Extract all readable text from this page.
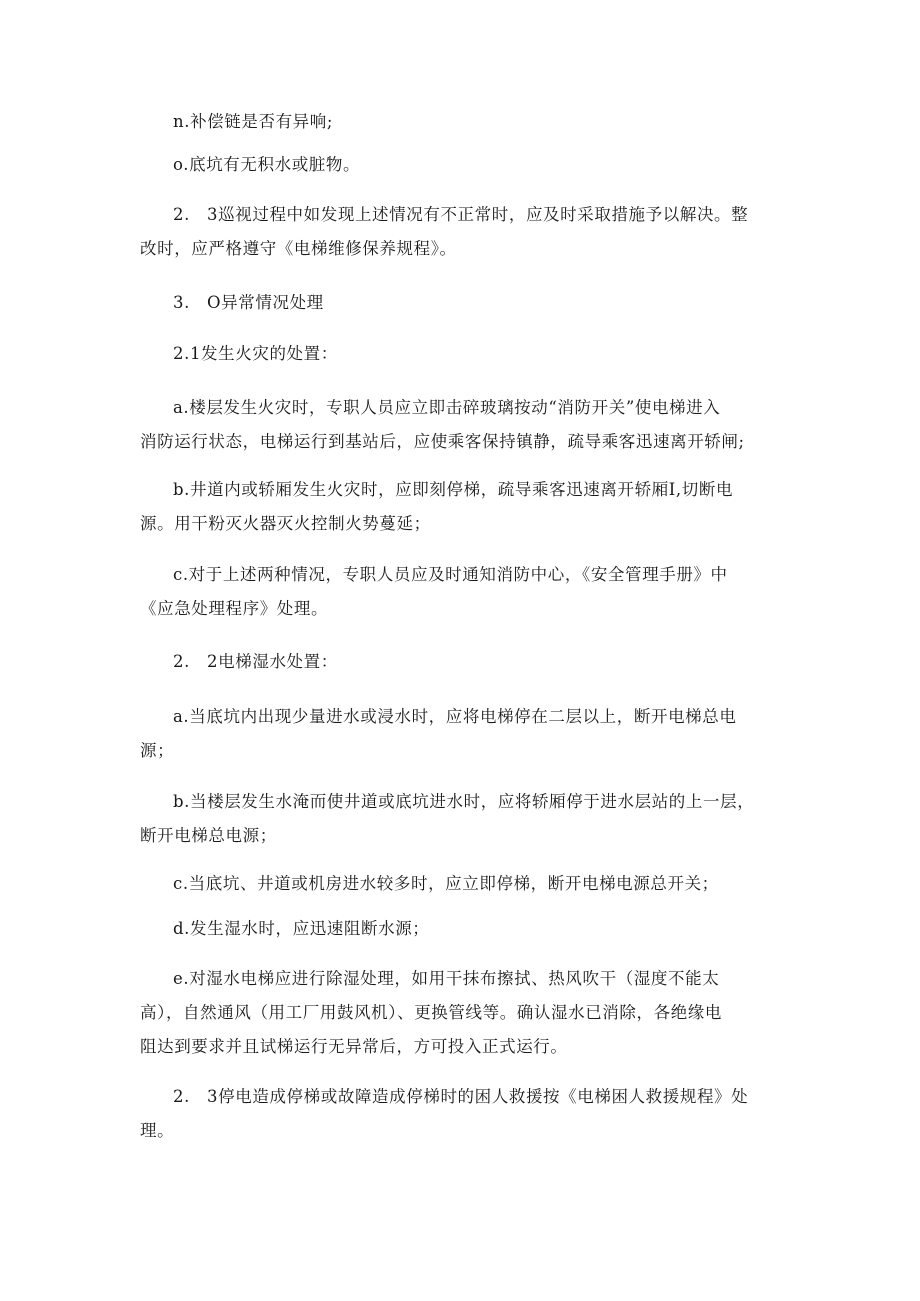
n.补偿链是否有异响;

o.底坑有无积水或脏物。

2.　3巡视过程中如发现上述情况有不正常时，应及时采取措施予以解决。整
改时，应严格遵守《电梯维修保养规程》。

3.　O异常情况处理

2.1发生火灾的处置：

a.楼层发生火灾时，专职人员应立即击碎玻璃按动“消防开关”使电梯进入
消防运行状态，电梯运行到基站后，应使乘客保持镇静，疏导乘客迅速离开轿闸;

b.井道内或轿厢发生火灾时，应即刻停梯，疏导乘客迅速离开轿厢I,切断电
源。用干粉灭火器灭火控制火势蔓延；

c.对于上述两种情况，专职人员应及时通知消防中心，《安全管理手册》中
《应急处理程序》处理。

2.　2电梯湿水处置：

a.当底坑内出现少量进水或浸水时，应将电梯停在二层以上，断开电梯总电
源；

b.当楼层发生水淹而使井道或底坑进水时，应将轿厢停于进水层站的上一层，
断开电梯总电源；

c.当底坑、井道或机房进水较多时，应立即停梯，断开电梯电源总开关；

d.发生湿水时，应迅速阻断水源；

e.对湿水电梯应进行除湿处理，如用干抹布擦拭、热风吹干（湿度不能太
高），自然通风（用工厂用鼓风机）、更换管线等。确认湿水已消除，各绝缘电
阻达到要求并且试梯运行无异常后，方可投入正式运行。

2.　3停电造成停梯或故障造成停梯时的困人救援按《电梯困人救援规程》处
理。
